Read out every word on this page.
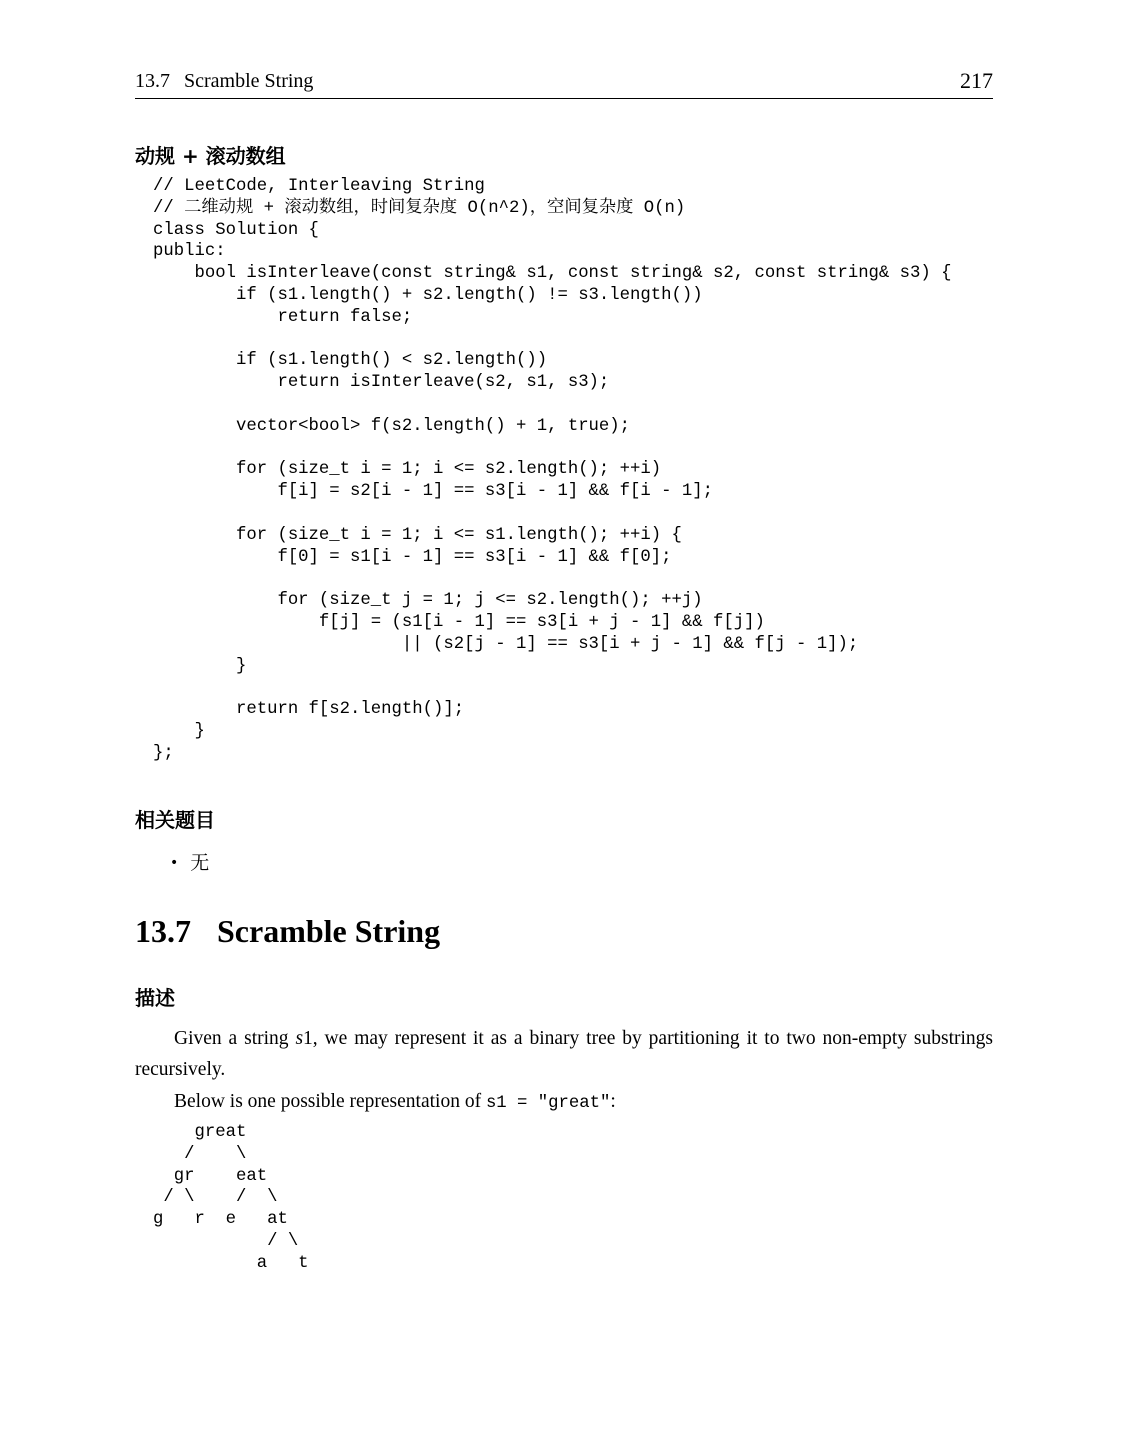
13.7 Scramble String	217
动规 + 滚动数组
// LeetCode, Interleaving String
// 二维动规 + 滚动数组，时间复杂度 O(n^2)，空间复杂度 O(n)
class Solution {
public:
bool isInterleave(const string& s1, const string& s2, const string& s3) {
if (s1.length() + s2.length() != s3.length())
return false;
if (s1.length() < s2.length())
return isInterleave(s2, s1, s3);
vector<bool> f(s2.length() + 1, true);
for (size_t i = 1; i <= s2.length(); ++i)
f[i] = s2[i - 1] == s3[i - 1] && f[i - 1];
for (size_t i = 1; i <= s1.length(); ++i) {
f[0] = s1[i - 1] == s3[i - 1] && f[0];
for (size_t j = 1; j <= s2.length(); ++j)
f[j] = (s1[i - 1] == s3[i + j - 1] && f[j])
|| (s2[j - 1] == s3[i + j - 1] && f[j - 1]);
}
return f[s2.length()];
}
};
相关题目
• 无
13.7 Scramble String
描述
Given a string s1, we may represent it as a binary tree by partitioning it to two non-empty substrings recursively.
Below is one possible representation of s1 = "great":
great
/    \
gr    eat
/ \    /  \
g   r  e   at
/ \
a   t
